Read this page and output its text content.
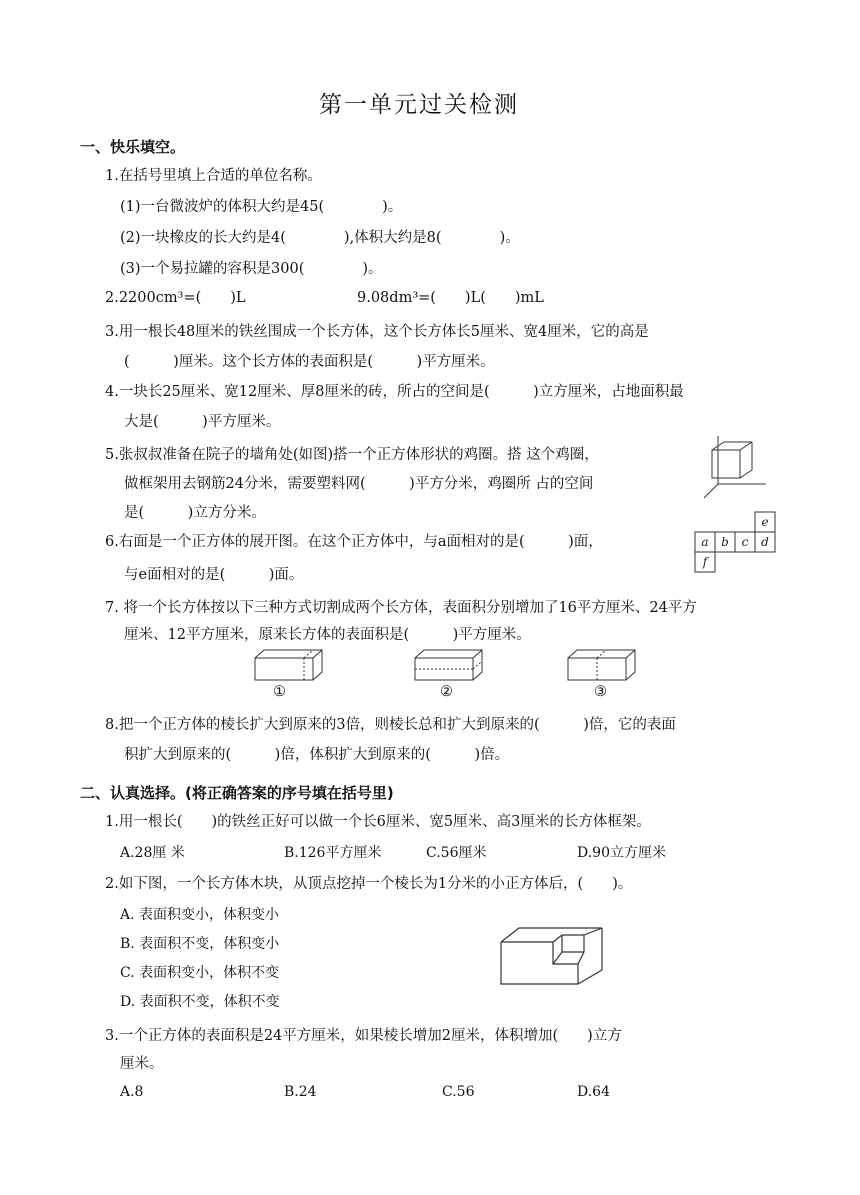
第一单元过关检测
一、快乐填空。
1.在括号里填上合适的单位名称。
(1)一台微波炉的体积大约是45(　　　　)。
(2)一块橡皮的长大约是4(　　　　),体积大约是8(　　　　)。
(3)一个易拉罐的容积是300(　　　　)。
2.2200cm³=(　　)L	9.08dm³=(　　)L(　　)mL
3.用一根长48厘米的铁丝围成一个长方体，这个长方体长5厘米、宽4厘米，它的高是
(　　　)厘米。这个长方体的表面积是(　　　)平方厘米。
4.一块长25厘米、宽12厘米、厚8厘米的砖，所占的空间是(　　　)立方厘米，占地面积最
大是(　　　)平方厘米。
5.张叔叔准备在院子的墙角处(如图)搭一个正方体形状的鸡圈。搭 这个鸡圈，
做框架用去钢筋24分米，需要塑料网(　　　)平方分米，鸡圈所 占的空间
是(　　　)立方分米。
6.右面是一个正方体的展开图。在这个正方体中，与a面相对的是(　　　)面，
与e面相对的是(　　　)面。
a b c d
e
f
7. 将一个长方体按以下三种方式切割成两个长方体，表面积分别增加了16平方厘米、24平方
厘米、12平方厘米，原来长方体的表面积是(　　　)平方厘米。
①	②	③
8.把一个正方体的棱长扩大到原来的3倍，则棱长总和扩大到原来的(　　　)倍，它的表面
积扩大到原来的(　　　)倍，体积扩大到原来的(　　　)倍。
二、认真选择。(将正确答案的序号填在括号里)
1.用一根长(　　)的铁丝正好可以做一个长6厘米、宽5厘米、高3厘米的长方体框架。
A.28厘 米	B.126平方厘米	C.56厘米	D.90立方厘米
2.如下图，一个长方体木块，从顶点挖掉一个棱长为1分米的小正方体后，(　　)。
A. 表面积变小，体积变小
B. 表面积不变，体积变小
C. 表面积变小，体积不变
D. 表面积不变，体积不变
3.一个正方体的表面积是24平方厘米，如果棱长增加2厘米，体积增加(　　)立方
厘米。
A.8	B.24	C.56	D.64
